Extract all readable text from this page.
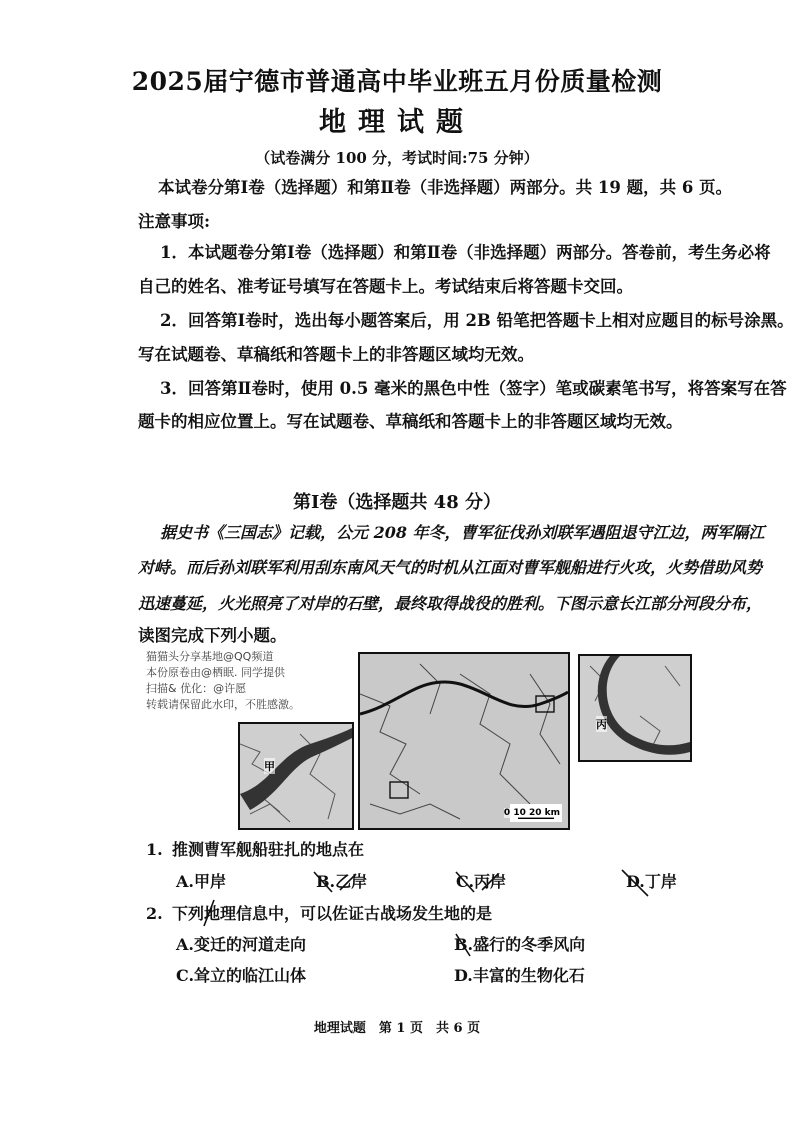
2025届宁德市普通高中毕业班五月份质量检测
地理试题
（试卷满分 100 分，考试时间:75 分钟）
本试卷分第Ⅰ卷（选择题）和第Ⅱ卷（非选择题）两部分。共 19 题，共 6 页。
注意事项:
1．本试题卷分第Ⅰ卷（选择题）和第Ⅱ卷（非选择题）两部分。答卷前，考生务必将
自己的姓名、准考证号填写在答题卡上。考试结束后将答题卡交回。
2．回答第Ⅰ卷时，选出每小题答案后，用 2B 铅笔把答题卡上相对应题目的标号涂黑。
写在试题卷、草稿纸和答题卡上的非答题区域均无效。
3．回答第Ⅱ卷时，使用 0.5 毫米的黑色中性（签字）笔或碳素笔书写，将答案写在答
题卡的相应位置上。写在试题卷、草稿纸和答题卡上的非答题区域均无效。
第Ⅰ卷（选择题共 48 分）
据史书《三国志》记载，公元 208 年冬，曹军征伐孙刘联军遇阻退守江边，两军隔江
对峙。而后孙刘联军利用刮东南风天气的时机从江面对曹军舰船进行火攻，火势借助风势
迅速蔓延，火光照亮了对岸的石壁，最终取得战役的胜利。下图示意长江部分河段分布，
读图完成下列小题。
猫猫头分享基地@QQ频道
本份原卷由@栖眠. 同学提供
扫描& 优化：@许愿
转载请保留此水印，不胜感激。
甲
0 10 20 km
丙
1. 推测曹军舰船驻扎的地点在
A.甲岸	B.乙岸	C.丙岸	D.丁岸
2. 下列地理信息中，可以佐证古战场发生地的是
A.变迁的河道走向	B.盛行的冬季风向
C.耸立的临江山体	D.丰富的生物化石
地理试题　第 1 页　共 6 页
